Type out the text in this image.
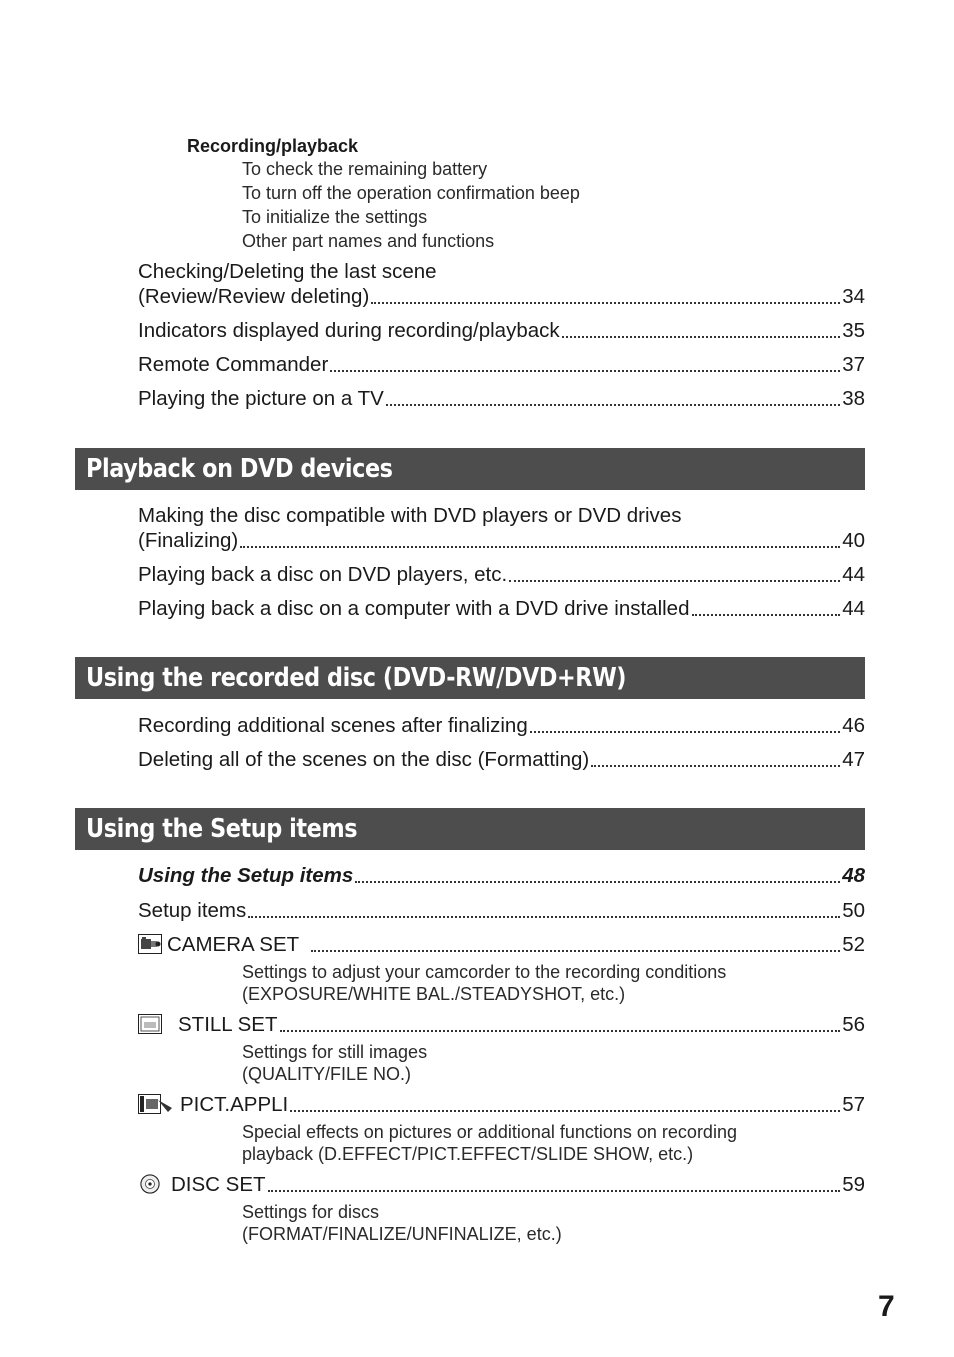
Recording/playback
To check the remaining battery
To turn off the operation confirmation beep
To initialize the settings
Other part names and functions
Checking/Deleting the last scene
(Review/Review deleting)	34
Indicators displayed during recording/playback	35
Remote Commander	37
Playing the picture on a TV	38
Playback on DVD devices
Making the disc compatible with DVD players or DVD drives
(Finalizing)	40
Playing back a disc on DVD players, etc.	44
Playing back a disc on a computer with a DVD drive installed	44
Using the recorded disc (DVD-RW/DVD+RW)
Recording additional scenes after finalizing	46
Deleting all of the scenes on the disc (Formatting)	47
Using the Setup items
Using the Setup items	48
Setup items	50
CAMERA SET	52
Settings to adjust your camcorder to the recording conditions
(EXPOSURE/WHITE BAL./STEADYSHOT, etc.)
STILL SET	56
Settings for still images
(QUALITY/FILE NO.)
PICT.APPLI	57
Special effects on pictures or additional functions on recording
playback (D.EFFECT/PICT.EFFECT/SLIDE SHOW, etc.)
DISC SET	59
Settings for discs
(FORMAT/FINALIZE/UNFINALIZE, etc.)
7
